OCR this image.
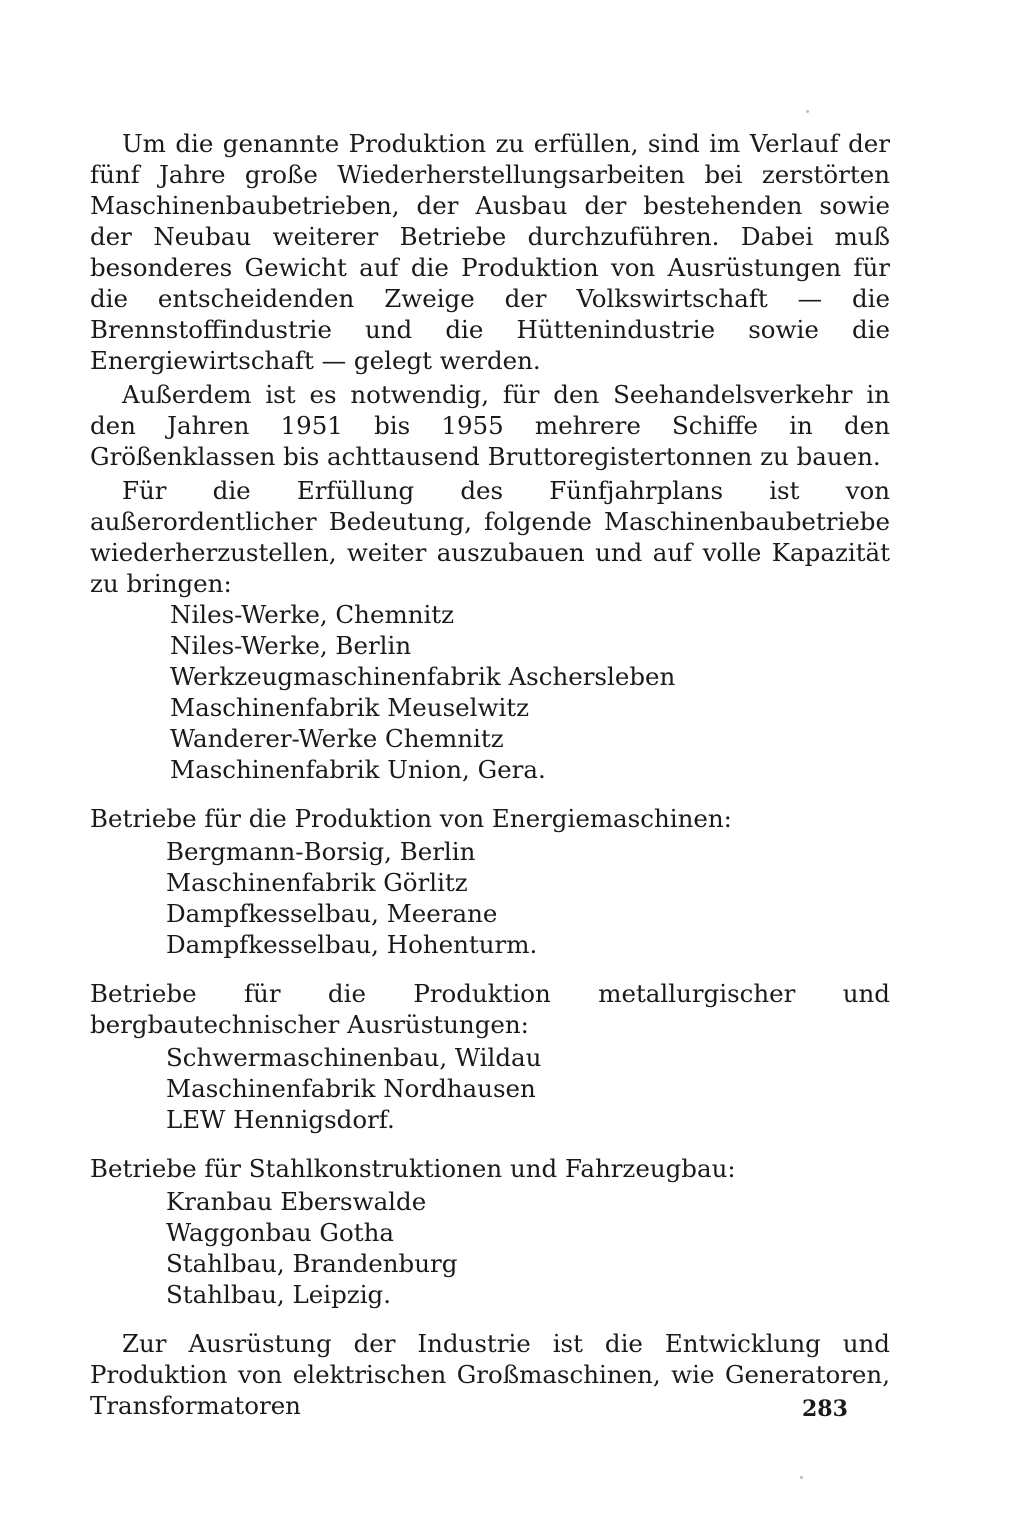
Um die genannte Produktion zu erfüllen, sind im Verlauf der fünf Jahre große Wiederherstellungsarbeiten bei zerstörten Maschinenbaubetrieben, der Ausbau der bestehenden sowie der Neubau weiterer Betriebe durchzuführen. Dabei muß besonderes Gewicht auf die Produktion von Ausrüstungen für die entscheidenden Zweige der Volkswirtschaft — die Brennstoffindustrie und die Hüttenindustrie sowie die Energiewirtschaft — gelegt werden.

Außerdem ist es notwendig, für den Seehandelsverkehr in den Jahren 1951 bis 1955 mehrere Schiffe in den Größenklassen bis achttausend Bruttoregistertonnen zu bauen.

Für die Erfüllung des Fünfjahrplans ist von außerordentlicher Bedeutung, folgende Maschinenbaubetriebe wiederherzustellen, weiter auszubauen und auf volle Kapazität zu bringen:

Niles-Werke, Chemnitz
Niles-Werke, Berlin
Werkzeugmaschinenfabrik Aschersleben
Maschinenfabrik Meuselwitz
Wanderer-Werke Chemnitz
Maschinenfabrik Union, Gera.

Betriebe für die Produktion von Energiemaschinen:

Bergmann-Borsig, Berlin
Maschinenfabrik Görlitz
Dampfkesselbau, Meerane
Dampfkesselbau, Hohenturm.

Betriebe für die Produktion metallurgischer und bergbautechnischer Ausrüstungen:

Schwermaschinenbau, Wildau
Maschinenfabrik Nordhausen
LEW Hennigsdorf.

Betriebe für Stahlkonstruktionen und Fahrzeugbau:

Kranbau Eberswalde
Waggonbau Gotha
Stahlbau, Brandenburg
Stahlbau, Leipzig.

Zur Ausrüstung der Industrie ist die Entwicklung und Produktion von elektrischen Großmaschinen, wie Generatoren, Transformatoren	283
